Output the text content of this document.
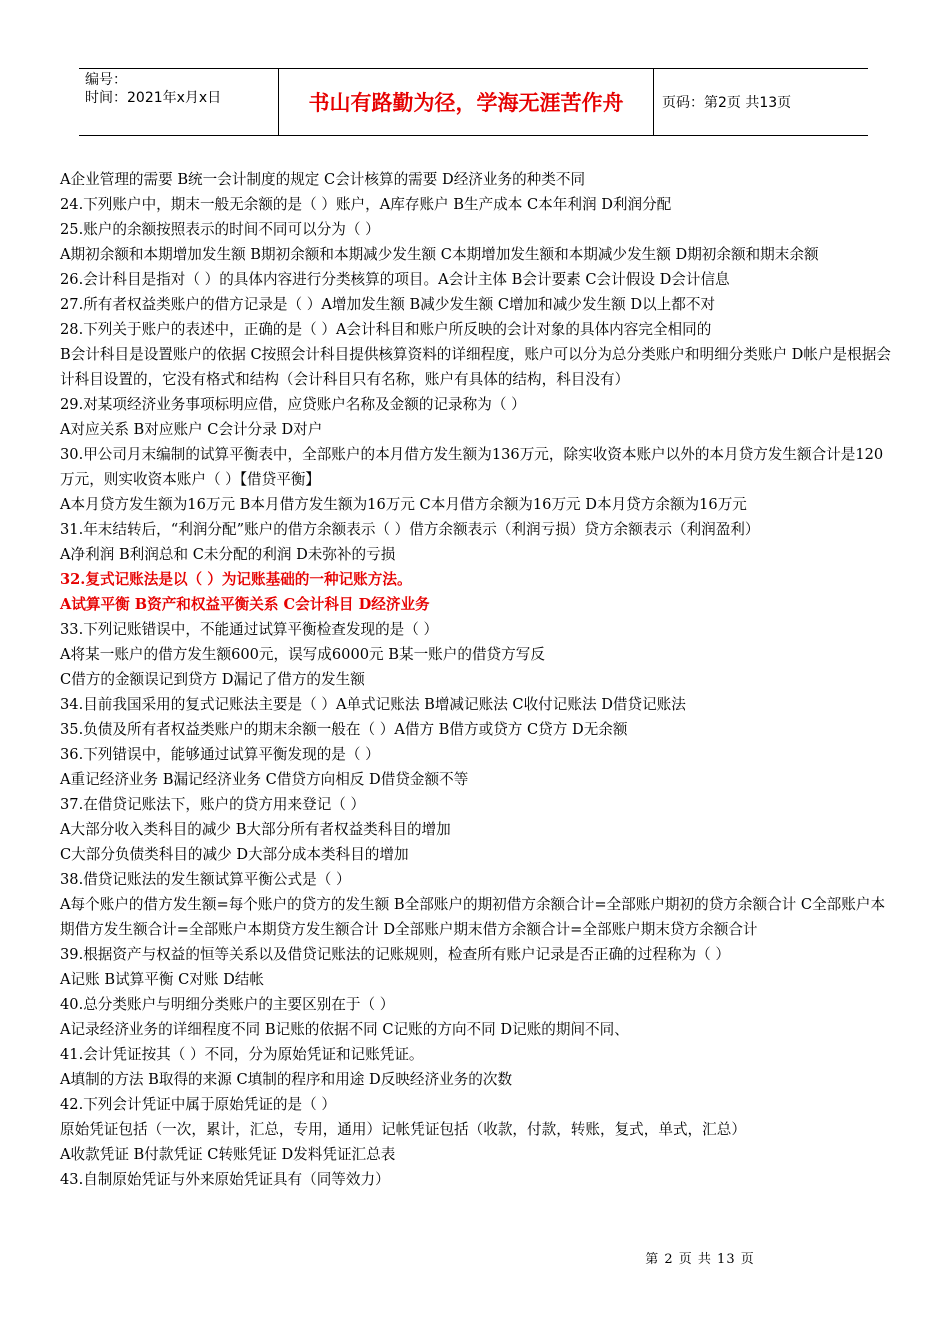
编号：
时间：2021年x月x日	书山有路勤为径，学海无涯苦作舟	页码：第2页 共13页

A企业管理的需要 B统一会计制度的规定 C会计核算的需要 D经济业务的种类不同

24.下列账户中，期末一般无余额的是（ ）账户，A库存账户 B生产成本 C本年利润 D利润分配

25.账户的余额按照表示的时间不同可以分为（ ）

A期初余额和本期增加发生额 B期初余额和本期减少发生额 C本期增加发生额和本期减少发生额 D期初余额和期末余额

26.会计科目是指对（ ）的具体内容进行分类核算的项目。A会计主体 B会计要素 C会计假设 D会计信息

27.所有者权益类账户的借方记录是（ ）A增加发生额 B减少发生额 C增加和减少发生额 D以上都不对

28.下列关于账户的表述中，正确的是（ ）A会计科目和账户所反映的会计对象的具体内容完全相同的

B会计科目是设置账户的依据 C按照会计科目提供核算资料的详细程度，账户可以分为总分类账户和明细分类账户 D帐户是根据会计科目设置的，它没有格式和结构（会计科目只有名称，账户有具体的结构，科目没有）

29.对某项经济业务事项标明应借，应贷账户名称及金额的记录称为（ ）

A对应关系 B对应账户 C会计分录 D对户

30.甲公司月末编制的试算平衡表中，全部账户的本月借方发生额为136万元，除实收资本账户以外的本月贷方发生额合计是120万元，则实收资本账户（ ）【借贷平衡】

A本月贷方发生额为16万元 B本月借方发生额为16万元 C本月借方余额为16万元 D本月贷方余额为16万元

31.年末结转后，“利润分配”账户的借方余额表示（ ）借方余额表示（利润亏损）贷方余额表示（利润盈利）

A净利润 B利润总和 C未分配的利润 D未弥补的亏损

32.复式记账法是以（ ）为记账基础的一种记账方法。

A试算平衡 B资产和权益平衡关系 C会计科目 D经济业务

33.下列记账错误中，不能通过试算平衡检查发现的是（ ）

A将某一账户的借方发生额600元，误写成6000元 B某一账户的借贷方写反

C借方的金额误记到贷方 D漏记了借方的发生额

34.目前我国采用的复式记账法主要是（ ）A单式记账法 B增减记账法 C收付记账法 D借贷记账法

35.负债及所有者权益类账户的期末余额一般在（ ）A借方 B借方或贷方 C贷方 D无余额

36.下列错误中，能够通过试算平衡发现的是（ ）

A重记经济业务 B漏记经济业务 C借贷方向相反 D借贷金额不等

37.在借贷记账法下，账户的贷方用来登记（ ）

A大部分收入类科目的减少 B大部分所有者权益类科目的增加

C大部分负债类科目的减少 D大部分成本类科目的增加

38.借贷记账法的发生额试算平衡公式是（ ）

A每个账户的借方发生额=每个账户的贷方的发生额 B全部账户的期初借方余额合计=全部账户期初的贷方余额合计 C全部账户本期借方发生额合计=全部账户本期贷方发生额合计 D全部账户期末借方余额合计=全部账户期末贷方余额合计

39.根据资产与权益的恒等关系以及借贷记账法的记账规则，检查所有账户记录是否正确的过程称为（ ）

A记账 B试算平衡 C对账 D结帐

40.总分类账户与明细分类账户的主要区别在于（ ）

A记录经济业务的详细程度不同 B记账的依据不同 C记账的方向不同 D记账的期间不同、

41.会计凭证按其（ ）不同，分为原始凭证和记账凭证。

A填制的方法 B取得的来源 C填制的程序和用途 D反映经济业务的次数

42.下列会计凭证中属于原始凭证的是（ ）

原始凭证包括（一次，累计，汇总，专用，通用）记帐凭证包括（收款，付款，转账，复式，单式，汇总）

A收款凭证 B付款凭证 C转账凭证 D发料凭证汇总表

43.自制原始凭证与外来原始凭证具有（同等效力）

第 2 页 共 13 页
